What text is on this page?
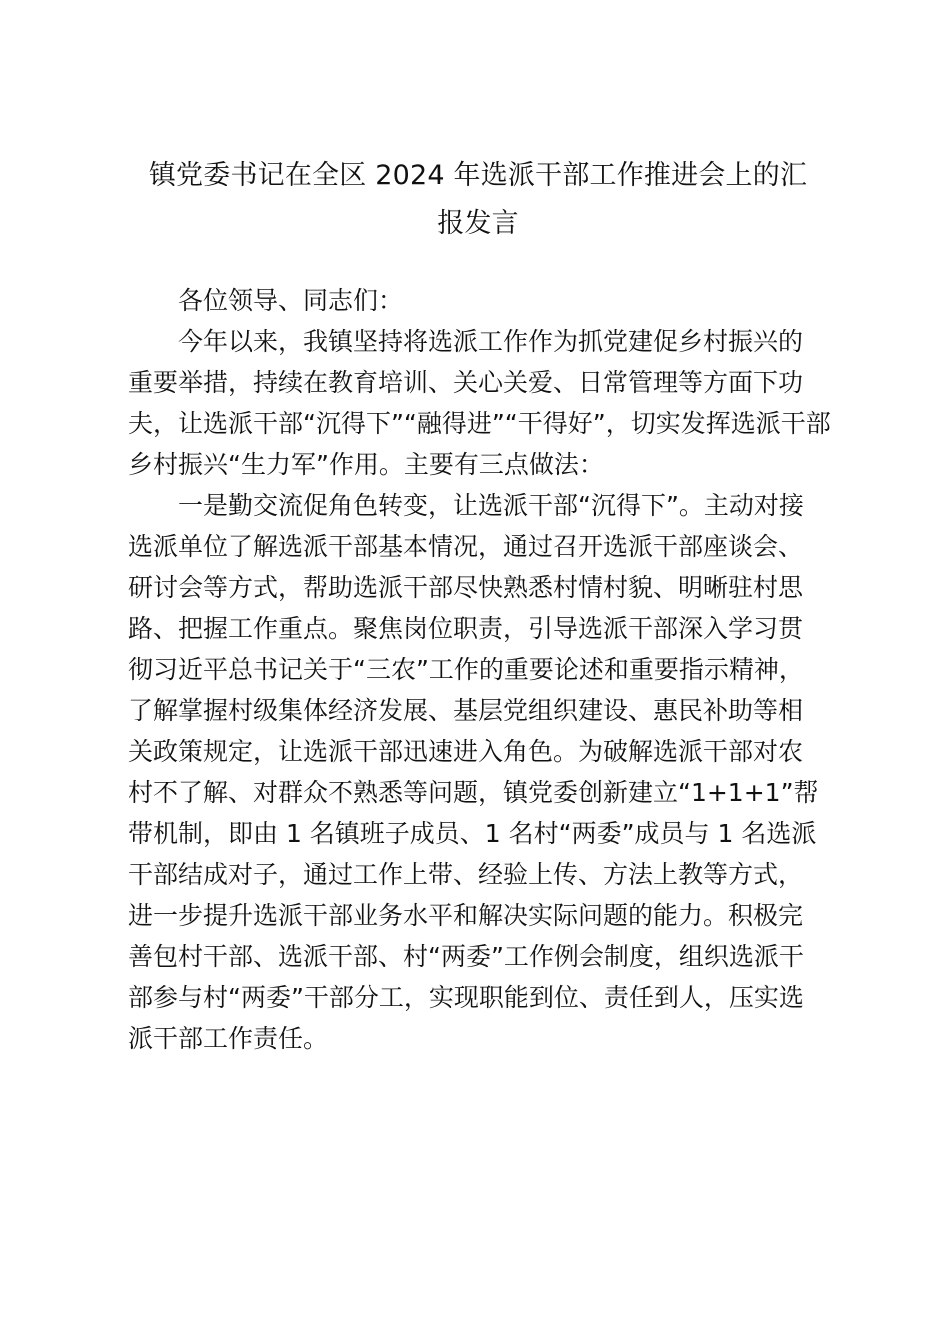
镇党委书记在全区 2024 年选派干部工作推进会上的汇
报发言
各位领导、同志们：
今年以来，我镇坚持将选派工作作为抓党建促乡村振兴的
重要举措，持续在教育培训、关心关爱、日常管理等方面下功
夫，让选派干部“沉得下”“融得进”“干得好”，切实发挥选派干部
乡村振兴“生力军”作用。主要有三点做法：
一是勤交流促角色转变，让选派干部“沉得下”。主动对接
选派单位了解选派干部基本情况，通过召开选派干部座谈会、
研讨会等方式，帮助选派干部尽快熟悉村情村貌、明晰驻村思
路、把握工作重点。聚焦岗位职责，引导选派干部深入学习贯
彻习近平总书记关于“三农”工作的重要论述和重要指示精神，
了解掌握村级集体经济发展、基层党组织建设、惠民补助等相
关政策规定，让选派干部迅速进入角色。为破解选派干部对农
村不了解、对群众不熟悉等问题，镇党委创新建立“1+1+1”帮
带机制，即由 1 名镇班子成员、1 名村“两委”成员与 1 名选派
干部结成对子，通过工作上带、经验上传、方法上教等方式，
进一步提升选派干部业务水平和解决实际问题的能力。积极完
善包村干部、选派干部、村“两委”工作例会制度，组织选派干
部参与村“两委”干部分工，实现职能到位、责任到人，压实选
派干部工作责任。
